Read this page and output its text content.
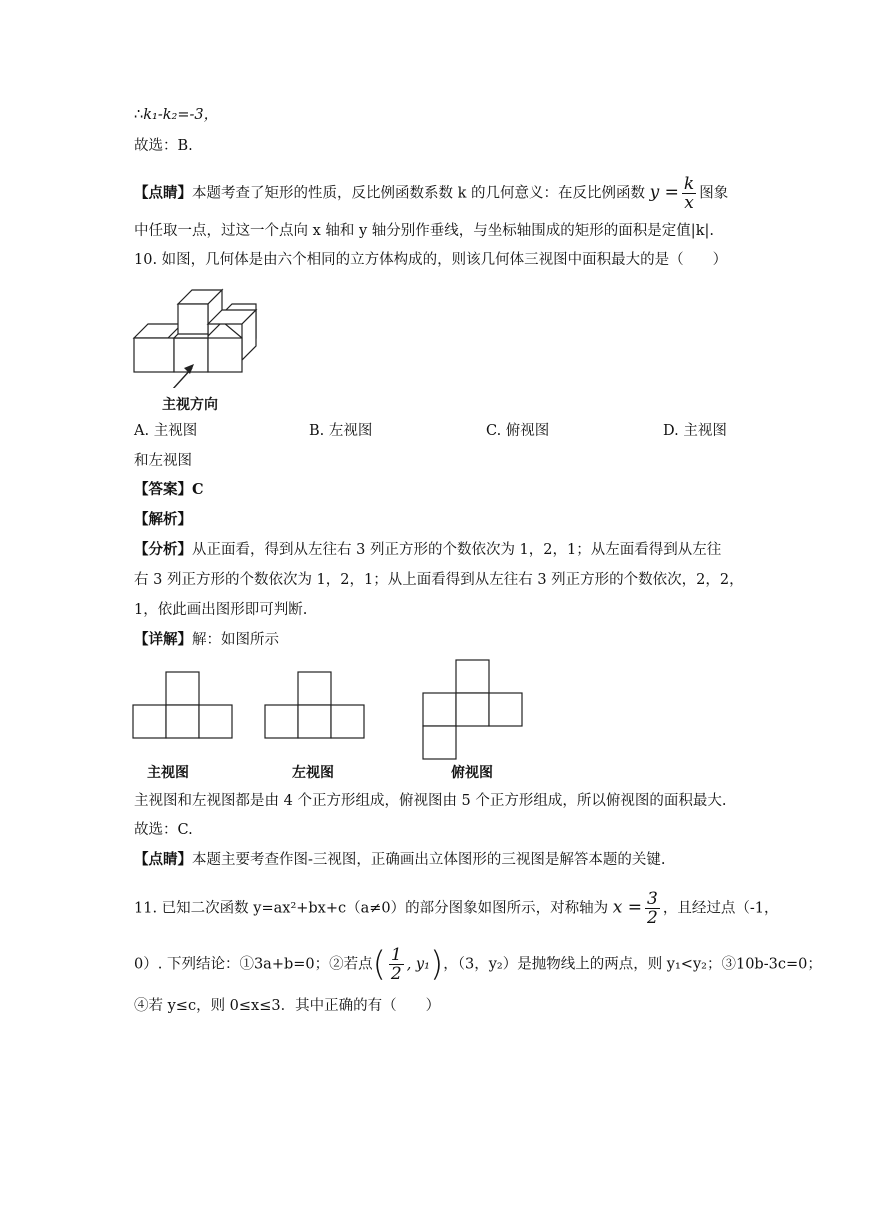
∴k₁-k₂=-3，
故选：B.
【点睛】本题考查了矩形的性质，反比例函数系数 k 的几何意义：在反比例函数 $y = \frac{k}{x}$ 图象
中任取一点，过这一个点向 x 轴和 y 轴分别作垂线，与坐标轴围成的矩形的面积是定值|k|.
10. 如图，几何体是由六个相同的立方体构成的，则该几何体三视图中面积最大的是（　　）
主视方向
A. 主视图	B. 左视图	C. 俯视图	D. 主视图
和左视图
【答案】C
【解析】
【分析】从正面看，得到从左往右 3 列正方形的个数依次为 1，2，1；从左面看得到从左往
右 3 列正方形的个数依次为 1，2，1；从上面看得到从左往右 3 列正方形的个数依次，2，2，
1，依此画出图形即可判断.
【详解】解：如图所示
主视图	左视图	俯视图
主视图和左视图都是由 4 个正方形组成，俯视图由 5 个正方形组成，所以俯视图的面积最大.
故选：C.
【点睛】本题主要考查作图-三视图，正确画出立体图形的三视图是解答本题的关键.
11. 已知二次函数 y=ax²+bx+c（a≠0）的部分图象如图所示，对称轴为 $x = \frac{3}{2}$ ，且经过点（-1，
0）. 下列结论：①3a+b=0；②若点( $\frac{1}{2}$ , y₁)，（3，y₂）是抛物线上的两点，则 y₁<y₂；③10b-3c=0；
④若 y≤c，则 0≤x≤3．其中正确的有（　　）
